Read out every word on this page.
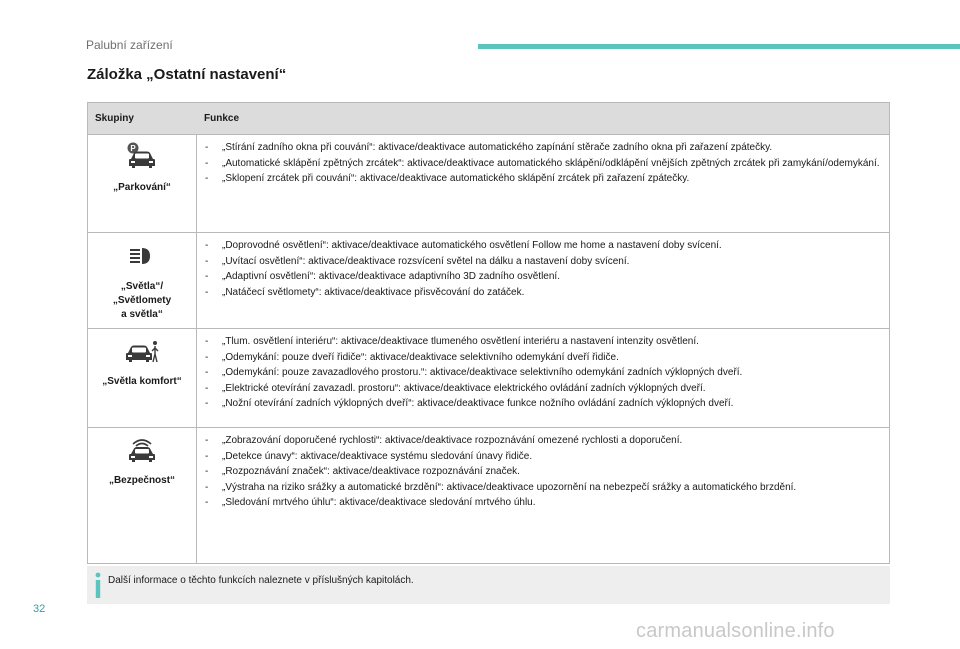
Palubní zařízení
Záložka „Ostatní nastavení“
Skupiny	Funkce
P
„Parkování“
- „Stírání zadního okna při couvání“: aktivace/deaktivace automatického zapínání stěrače zadního okna při zařazení zpátečky.
- „Automatické sklápění zpětných zrcátek“: aktivace/deaktivace automatického sklápění/odklápění vnějších zpětných zrcátek při zamykání/odemykání.
- „Sklopení zrcátek při couvání“: aktivace/deaktivace automatického sklápění zrcátek při zařazení zpátečky.
„Světla“/
„Světlomety
a světla“
- „Doprovodné osvětlení“: aktivace/deaktivace automatického osvětlení Follow me home a nastavení doby svícení.
- „Uvítací osvětlení“: aktivace/deaktivace rozsvícení světel na dálku a nastavení doby svícení.
- „Adaptivní osvětlení“: aktivace/deaktivace adaptivního 3D zadního osvětlení.
- „Natáčecí světlomety“: aktivace/deaktivace přisvěcování do zatáček.
„Světla komfort“
- „Tlum. osvětlení interiéru“: aktivace/deaktivace tlumeného osvětlení interiéru a nastavení intenzity osvětlení.
- „Odemykání: pouze dveří řidiče“: aktivace/deaktivace selektivního odemykání dveří řidiče.
- „Odemykání: pouze zavazadlového prostoru.“: aktivace/deaktivace selektivního odemykání zadních výklopných dveří.
- „Elektrické otevírání zavazadl. prostoru“: aktivace/deaktivace elektrického ovládání zadních výklopných dveří.
- „Nožní otevírání zadních výklopných dveří“: aktivace/deaktivace funkce nožního ovládání zadních výklopných dveří.
„Bezpečnost“
- „Zobrazování doporučené rychlosti“: aktivace/deaktivace rozpoznávání omezené rychlosti a doporučení.
- „Detekce únavy“: aktivace/deaktivace systému sledování únavy řidiče.
- „Rozpoznávání značek“: aktivace/deaktivace rozpoznávání značek.
- „Výstraha na riziko srážky a automatické brzdění“: aktivace/deaktivace upozornění na nebezpečí srážky a automatického brzdění.
- „Sledování mrtvého úhlu“: aktivace/deaktivace sledování mrtvého úhlu.
Další informace o těchto funkcích naleznete v příslušných kapitolách.
32
carmanualsonline.info
